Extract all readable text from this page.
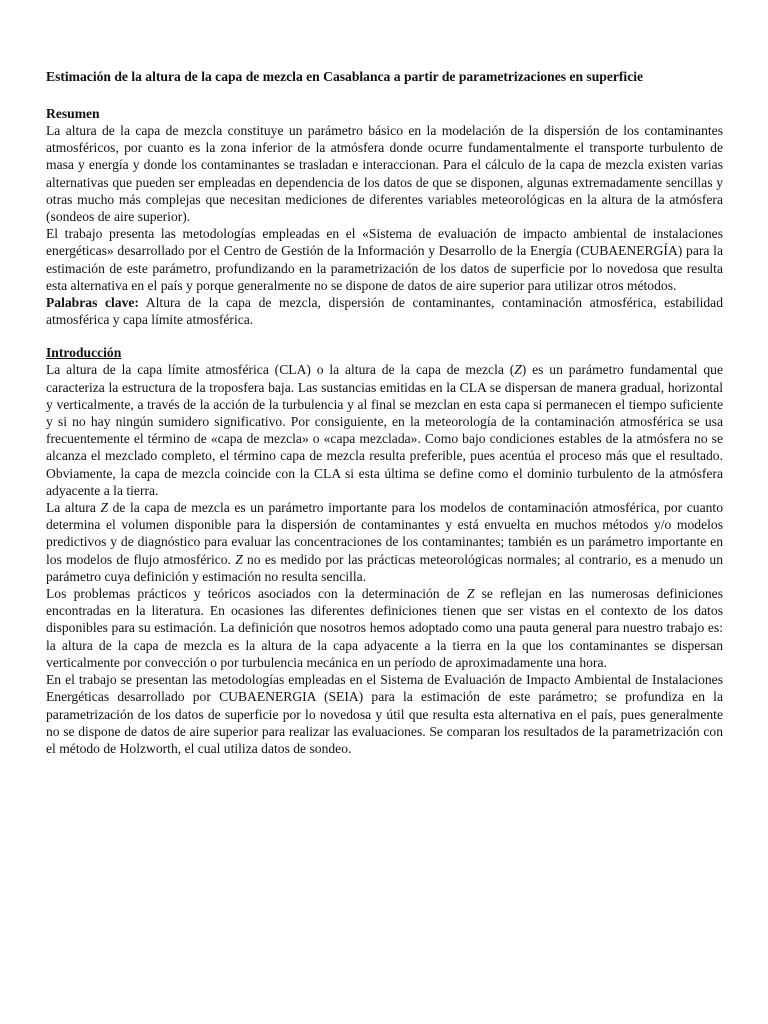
Estimación de la altura de la capa de mezcla en Casablanca a partir de parametrizaciones en superficie
Resumen

La altura de la capa de mezcla constituye un parámetro básico en la modelación de la dispersión de los contaminantes atmosféricos, por cuanto es la zona inferior de la atmósfera donde ocurre fundamentalmente el transporte turbulento de masa y energía y donde los contaminantes se trasladan e interaccionan. Para el cálculo de la capa de mezcla existen varias alternativas que pueden ser empleadas en dependencia de los datos de que se disponen, algunas extremadamente sencillas y otras mucho más complejas que necesitan mediciones de diferentes variables meteorológicas en la altura de la atmósfera (sondeos de aire superior).

El trabajo presenta las metodologías empleadas en el «Sistema de evaluación de impacto ambiental de instalaciones energéticas» desarrollado por el Centro de Gestión de la Información y Desarrollo de la Energía (CUBAENERGÍA) para la estimación de este parámetro, profundizando en la parametrización de los datos de superficie por lo novedosa que resulta esta alternativa en el país y porque generalmente no se dispone de datos de aire superior para utilizar otros métodos.

Palabras clave: Altura de la capa de mezcla, dispersión de contaminantes, contaminación atmosférica, estabilidad atmosférica y capa límite atmosférica.

Introducción

La altura de la capa límite atmosférica (CLA) o la altura de la capa de mezcla (Z) es un parámetro fundamental que caracteriza la estructura de la troposfera baja. Las sustancias emitidas en la CLA se dispersan de manera gradual, horizontal y verticalmente, a través de la acción de la turbulencia y al final se mezclan en esta capa si permanecen el tiempo suficiente y si no hay ningún sumidero significativo. Por consiguiente, en la meteorología de la contaminación atmosférica se usa frecuentemente el término de «capa de mezcla» o «capa mezclada». Como bajo condiciones estables de la atmósfera no se alcanza el mezclado completo, el término capa de mezcla resulta preferible, pues acentúa el proceso más que el resultado. Obviamente, la capa de mezcla coincide con la CLA si esta última se define como el dominio turbulento de la atmósfera adyacente a la tierra.

La altura Z de la capa de mezcla es un parámetro importante para los modelos de contaminación atmosférica, por cuanto determina el volumen disponible para la dispersión de contaminantes y está envuelta en muchos métodos y/o modelos predictivos y de diagnóstico para evaluar las concentraciones de los contaminantes; también es un parámetro importante en los modelos de flujo atmosférico. Z no es medido por las prácticas meteorológicas normales; al contrario, es a menudo un parámetro cuya definición y estimación no resulta sencilla.

Los problemas prácticos y teóricos asociados con la determinación de Z se reflejan en las numerosas definiciones encontradas en la literatura. En ocasiones las diferentes definiciones tienen que ser vistas en el contexto de los datos disponibles para su estimación. La definición que nosotros hemos adoptado como una pauta general para nuestro trabajo es: la altura de la capa de mezcla es la altura de la capa adyacente a la tierra en la que los contaminantes se dispersan verticalmente por convección o por turbulencia mecánica en un período de aproximadamente una hora.

En el trabajo se presentan las metodologías empleadas en el Sistema de Evaluación de Impacto Ambiental de Instalaciones Energéticas desarrollado por CUBAENERGIA (SEIA) para la estimación de este parámetro; se profundiza en la parametrización de los datos de superficie por lo novedosa y útil que resulta esta alternativa en el país, pues generalmente no se dispone de datos de aire superior para realizar las evaluaciones. Se comparan los resultados de la parametrización con el método de Holzworth, el cual utiliza datos de sondeo.
